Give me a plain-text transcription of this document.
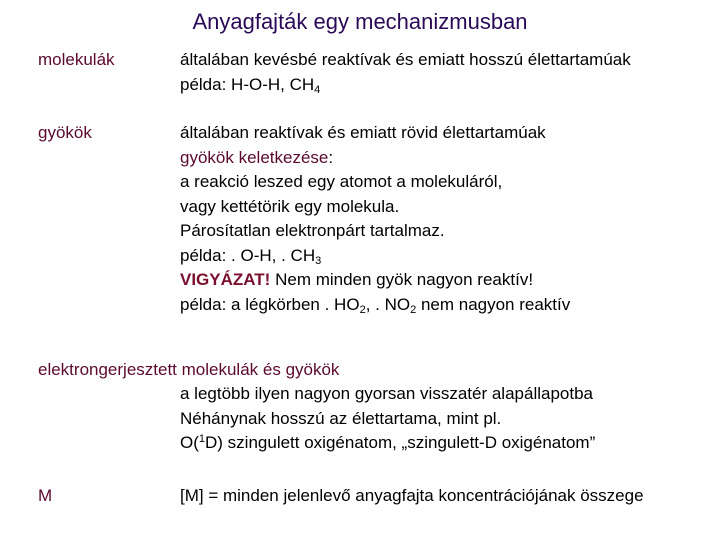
Anyagfajták egy mechanizmusban
molekulák	általában kevésbé reaktívak és emiatt hosszú élettartamúak
példa: H-O-H, $CH_4$
gyökök	általában reaktívak és emiatt rövid élettartamúak
gyökök keletkezése:
a reakció leszed egy atomot a molekuláról,
vagy kettétörik egy molekula.
Párosítatlan elektronpárt tartalmaz.
példa: . O-H, . $CH_3$
VIGYÁZAT! Nem minden gyök nagyon reaktív!
példa: a légkörben . $HO_2$, . $NO_2$ nem nagyon reaktív
elektrongerjesztett molekulák és gyökök
a legtöbb ilyen nagyon gyorsan visszatér alapállapotba
Néhánynak hosszú az élettartama, mint pl.
O($^1$D) szingulett oxigénatom, „szingulett-D oxigénatom”
M	[M] = minden jelenlevő anyagfajta koncentrációjának összege
